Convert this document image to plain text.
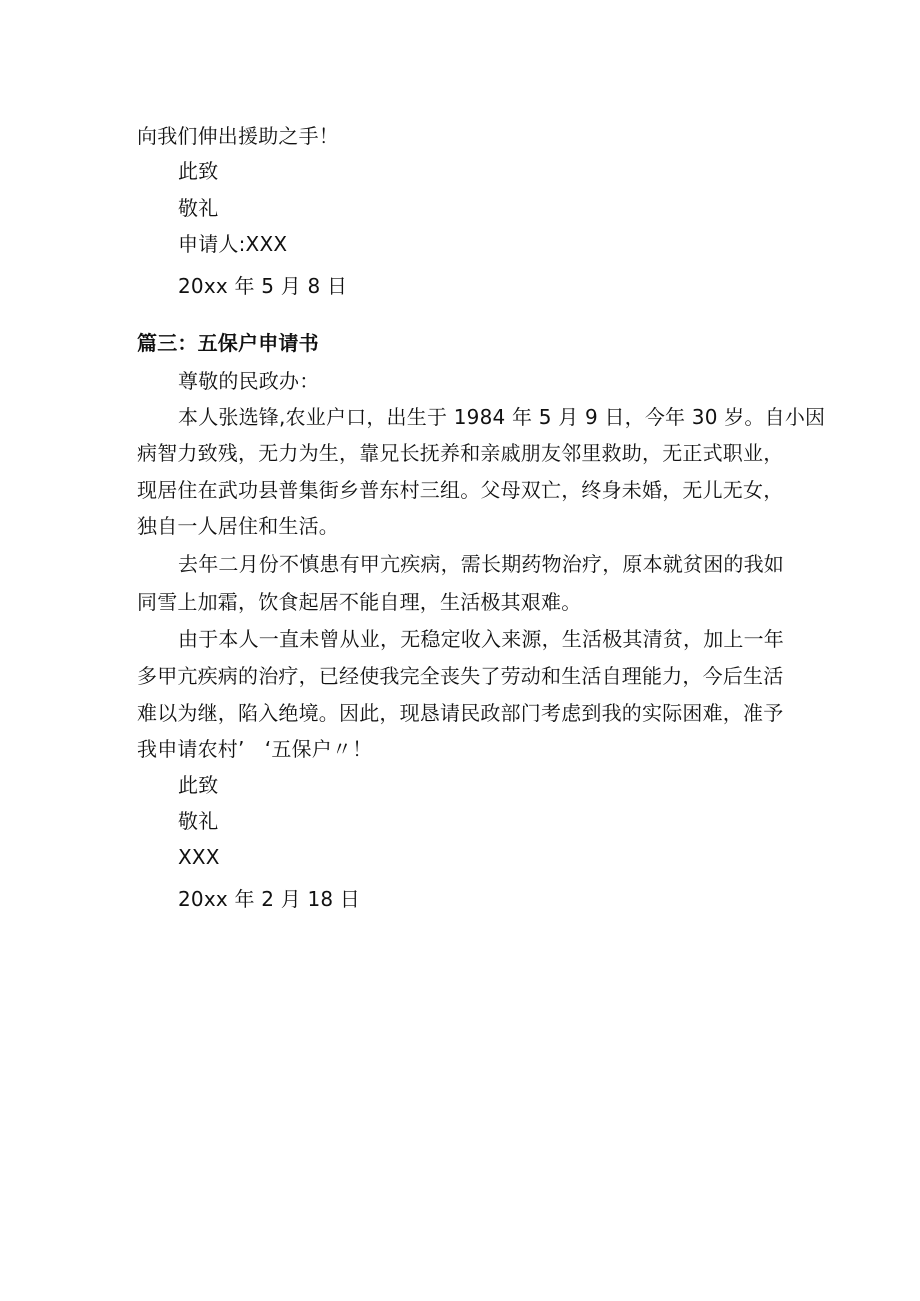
向我们伸出援助之手！
此致
敬礼
申请人:XXX
20xx 年 5 月 8 日
篇三：五保户申请书
尊敬的民政办：
本人张选锋,农业户口，出生于 1984 年 5 月 9 日，今年 30 岁。自小因
病智力致残，无力为生，靠兄长抚养和亲戚朋友邻里救助，无正式职业，
现居住在武功县普集街乡普东村三组。父母双亡，终身未婚，无儿无女，
独自一人居住和生活。
去年二月份不慎患有甲亢疾病，需长期药物治疗，原本就贫困的我如
同雪上加霜，饮食起居不能自理，生活极其艰难。
由于本人一直未曾从业，无稳定收入来源，生活极其清贫，加上一年
多甲亢疾病的治疗，已经使我完全丧失了劳动和生活自理能力，今后生活
难以为继，陷入绝境。因此，现恳请民政部门考虑到我的实际困难，准予
我申请农村’　‘五保户〃！
此致
敬礼
XXX
20xx 年 2 月 18 日
